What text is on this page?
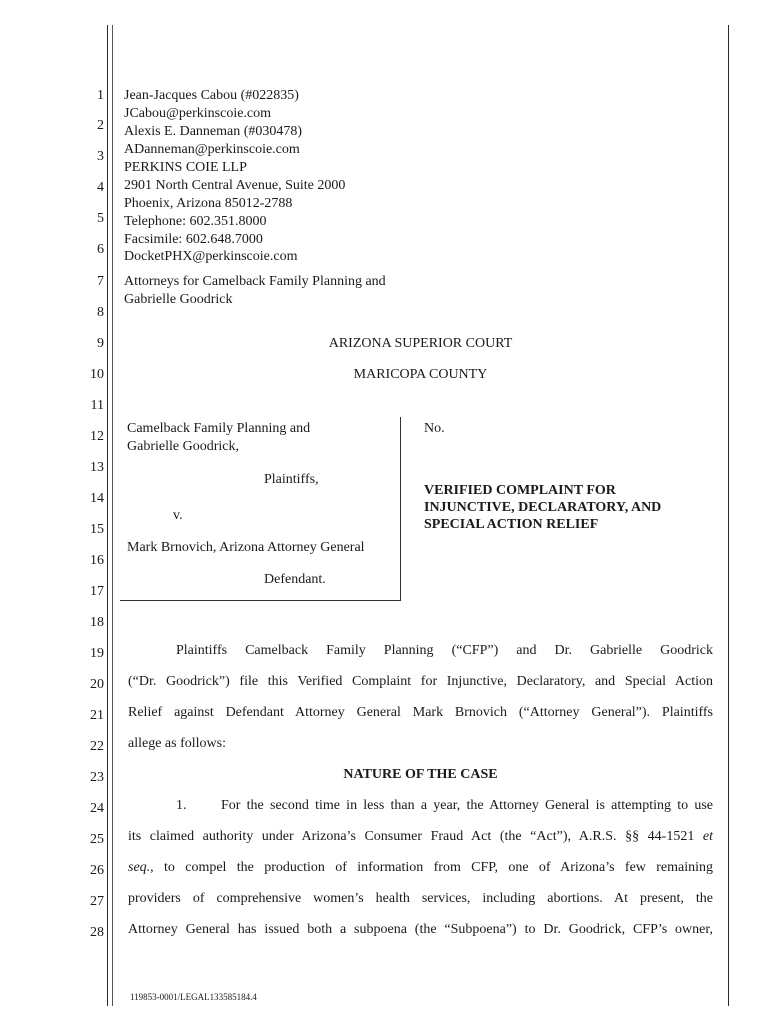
1
2
3
4
5
6
7
8
9
10
11
12
13
14
15
16
17
18
19
20
21
22
23
24
25
26
27
28
Jean-Jacques Cabou (#022835)
JCabou@perkinscoie.com
Alexis E. Danneman (#030478)
ADanneman@perkinscoie.com
PERKINS COIE LLP
2901 North Central Avenue, Suite 2000
Phoenix, Arizona 85012-2788
Telephone: 602.351.8000
Facsimile: 602.648.7000
DocketPHX@perkinscoie.com
Attorneys for Camelback Family Planning and
Gabrielle Goodrick
ARIZONA SUPERIOR COURT
MARICOPA COUNTY
Camelback Family Planning and
Gabrielle Goodrick,
Plaintiffs,
v.
Mark Brnovich, Arizona Attorney General
Defendant.
No.
VERIFIED COMPLAINT FOR
INJUNCTIVE, DECLARATORY, AND
SPECIAL ACTION RELIEF
Plaintiffs Camelback Family Planning (“CFP”) and Dr. Gabrielle Goodrick
(“Dr. Goodrick”) file this Verified Complaint for Injunctive, Declaratory, and Special Action
Relief against Defendant Attorney General Mark Brnovich (“Attorney General”). Plaintiffs
allege as follows:
NATURE OF THE CASE
1. For the second time in less than a year, the Attorney General is attempting to use
its claimed authority under Arizona’s Consumer Fraud Act (the “Act”), A.R.S. §§ 44-1521 et
seq., to compel the production of information from CFP, one of Arizona’s few remaining
providers of comprehensive women’s health services, including abortions. At present, the
Attorney General has issued both a subpoena (the “Subpoena”) to Dr. Goodrick, CFP’s owner,
119853-0001/LEGAL133585184.4
